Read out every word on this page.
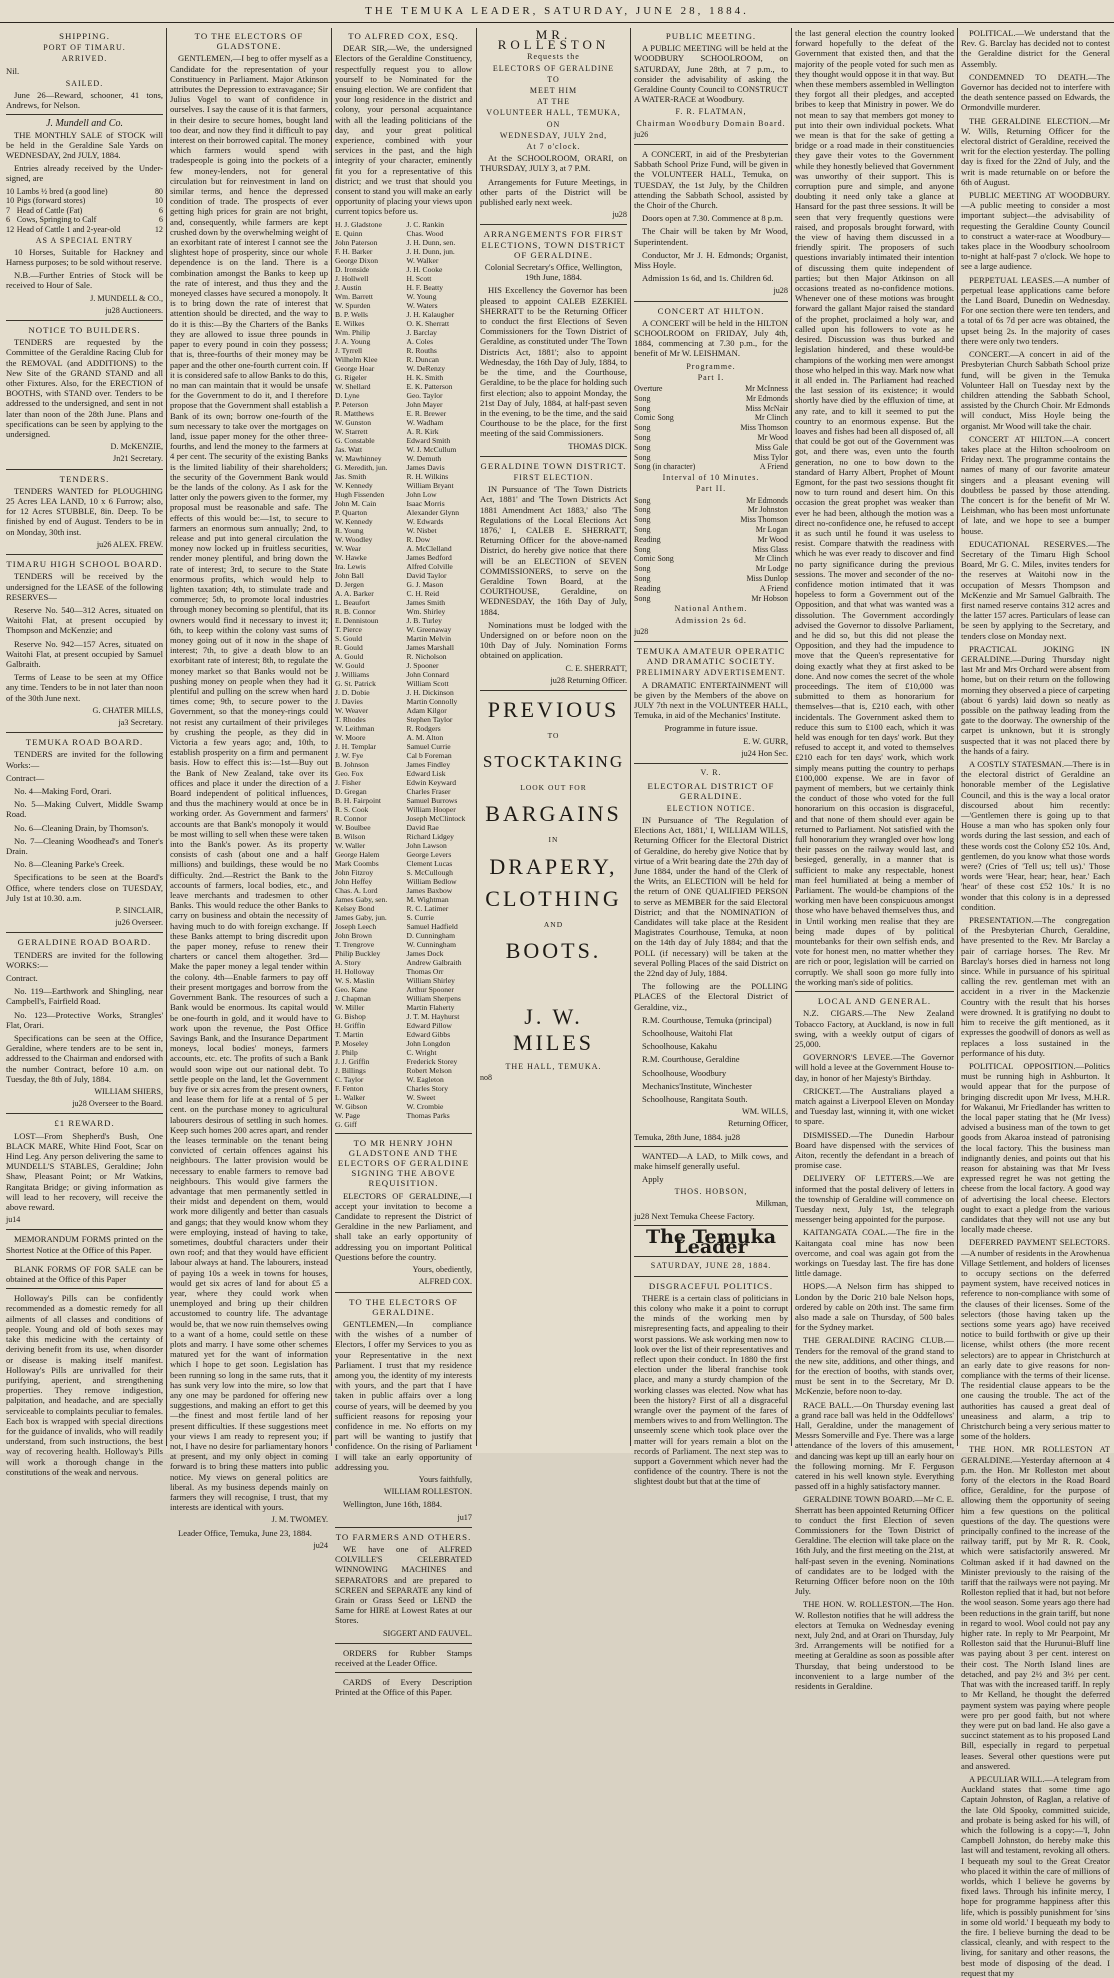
THE TEMUKA LEADER, SATURDAY, JUNE 28, 1884.
SHIPPING.
PORT OF TIMARU.
ARRIVED.

Nil.

SAILED.

June 26—Reward, schooner, 41 tons, Andrews, for Nelson.

J. Mundell and Co.

THE MONTHLY SALE of STOCK will be held in the Geraldine Sale Yards on WEDNESDAY, 2nd JULY, 1884.

Entries already received by the Under-signed, are

10	Lambs ½ bred (a good line)	80
10	Pigs (forward stores)	10
7	Head of Cattle (Fat)	6
6	Cows, Springing to Calf	6
12	Head of Cattle 1 and 2-year-old	12
AS A SPECIAL ENTRY

10 Horses, Suitable for Hackney and Harness purposes; to be sold without reserve.

N.B.—Further Entries of Stock will be received to Hour of Sale.

J. MUNDELL & CO.,
ju28 Auctioneers.
NOTICE TO BUILDERS.

TENDERS are requested by the Committee of the Geraldine Racing Club for the REMOVAL (and ADDITIONS) to the New Site of the GRAND STAND and all other Fixtures. Also, for the ERECTION of BOOTHS, with STAND over. Tenders to be addressed to the undersigned, and sent in not later than noon of the 28th June. Plans and specifications can be seen by applying to the undersigned.

D. McKENZIE,
Jn21 Secretary.
TENDERS.

TENDERS WANTED for PLOUGHING 25 Acres LEA LAND, 10 x 6 Furrow; also, for 12 Acres STUBBLE, 8in. Deep. To be finished by end of August. Tenders to be in on Monday, 30th inst.

ju26 ALEX. FREW.
TIMARU HIGH SCHOOL BOARD.

TENDERS will be received by the undersigned for the LEASE of the following RESERVES—

Reserve No. 540—312 Acres, situated on Waitohi Flat, at present occupied by Thompson and McKenzie; and

Reserve No. 942—157 Acres, situated on Waitohi Flat, at present occupied by Samuel Galbraith.

Terms of Lease to be seen at my Office any time. Tenders to be in not later than noon of the 30th June next.

G. CHATER MILLS,
ja3 Secretary.
TEMUKA ROAD BOARD.

TENDERS are invited for the following Works:—

Contract—

No. 4—Making Ford, Orari.

No. 5—Making Culvert, Middle Swamp Road.

No. 6—Cleaning Drain, by Thomson's.

No. 7—Cleaning Woodhead's and Toner's Drain.

No. 8—Cleaning Parke's Creek.

Specifications to be seen at the Board's Office, where tenders close on TUESDAY, July 1st at 10.30. a.m.

P. SINCLAIR,
ju26 Overseer.
GERALDINE ROAD BOARD.

TENDERS are invited for the following WORKS:—

Contract.

No. 119—Earthwork and Shingling, near Campbell's, Fairfield Road.

No. 123—Protective Works, Strangles' Flat, Orari.

Specifications can be seen at the Office, Geraldine, where tenders are to be sent in, addressed to the Chairman and endorsed with the number Contract, before 10 a.m. on Tuesday, the 8th of July, 1884.

WILLIAM SHIERS,
ju28 Overseer to the Board.
£1 REWARD.

LOST—From Shepherd's Bush, One BLACK MARE, White Hind Foot, Scar on Hind Leg. Any person delivering the same to MUNDELL'S STABLES, Geraldine; John Shaw, Pleasant Point; or Mr Watkins, Rangitata Bridge; or giving information as will lead to her recovery, will receive the above reward.

ju14

MEMORANDUM FORMS printed on the Shortest Notice at the Office of this Paper.

BLANK FORMS OF FOR SALE can be obtained at the Office of this Paper

Holloway's Pills can be confidently recommended as a domestic remedy for all ailments of all classes and conditions of people. Young and old of both sexes may take this medicine with the certainty of deriving benefit from its use, when disorder or disease is making itself manifest. Holloway's Pills are unrivalled for their purifying, aperient, and strengthening properties. They remove indigestion, palpitation, and headache, and are specially serviceable to complaints peculiar to females. Each box is wrapped with special directions for the guidance of invalids, who will readily understand, from such instructions, the best way of recovering health. Holloway's Pills will work a thorough change in the constitutions of the weak and nervous.

TO THE ELECTORS OF GLADSTONE.

GENTLEMEN,—I beg to offer myself as a Candidate for the representation of your Constituency in Parliament. Major Atkinson attributes the Depression to extravagance; Sir Julius Vogel to want of confidence in ourselves. I say the cause of it is that farmers, in their desire to secure homes, bought land too dear, and now they find it difficult to pay interest on their borrowed capital. The money which farmers would spend with tradespeople is going into the pockets of a few money-lenders, not for general circulation but for reinvestment in land on similar terms, and hence the depressed condition of trade. The prospects of ever getting high prices for grain are not bright, and, consequently, while farmers are kept crushed down by the overwhelming weight of an exorbitant rate of interest I cannot see the slightest hope of prosperity, since our whole dependence is on the land. There is a combination amongst the Banks to keep up the rate of interest, and thus they and the moneyed classes have secured a monopoly. It is to bring down the rate of interest that attention should be directed, and the way to do it is this:—By the Charters of the Banks they are allowed to issue three pounds in paper to every pound in coin they possess; that is, three-fourths of their money may be paper and the other one-fourth current coin. If it is considered safe to allow Banks to do this, no man can maintain that it would be unsafe for the Government to do it, and I therefore propose that the Government shall establish a Bank of its own; borrow one-fourth of the sum necessary to take over the mortgages on land, issue paper money for the other three-fourths, and lend the money to the farmers at 4 per cent. The security of the existing Banks is the limited liability of their shareholders; the security of the Government Bank would be the lands of the colony. As I ask for the latter only the powers given to the former, my proposal must be reasonable and safe. The effects of this would be:—1st, to secure to farmers an enormous sum annually; 2nd, to release and put into general circulation the money now locked up in fruitless securities, render money plentiful, and bring down the rate of interest; 3rd, to secure to the State enormous profits, which would help to lighten taxation; 4th, to stimulate trade and commerce; 5th, to promote local industries through money becoming so plentiful, that its owners would find it necessary to invest it; 6th, to keep within the colony vast sums of money going out of it now in the shape of interest; 7th, to give a death blow to an exorbitant rate of interest; 8th, to regulate the money market so that Banks would not be pushing money on people when they had it plentiful and pulling on the screw when hard times come; 9th, to secure power to the Government, so that the money-rings could not resist any curtailment of their privileges by crushing the people, as they did in Victoria a few years ago; and, 10th, to establish prosperity on a firm and permanent basis. How to effect this is:—1st—Buy out the Bank of New Zealand, take over its offices and place it under the direction of a Board independent of political influences, and thus the machinery would at once be in working order. As Government and farmers' accounts are that Bank's monopoly it would be most willing to sell when these were taken into the Bank's power. As its property consists of cash (about one and a half millions) and buildings, these would be no difficulty. 2nd.—Restrict the Bank to the accounts of farmers, local bodies, etc., and leave merchants and tradesmen to other Banks. This would reduce the other Banks to carry on business and obtain the necessity of having much to do with foreign exchange. If these Banks attempt to bring discredit upon the paper money, refuse to renew their charters or cancel them altogether. 3rd—Make the paper money a legal tender within the colony. 4th—Enable farmers to pay off their present mortgages and borrow from the Government Bank. The resources of such a Bank would be enormous. Its capital would be one-fourth in gold, and it would have to work upon the revenue, the Post Office Savings Bank, and the Insurance Department moneys, local bodies' moneys, farmers accounts, etc. etc. The profits of such a Bank would soon wipe out our national debt. To settle people on the land, let the Government buy five or six acres from the present owners, and lease them for life at a rental of 5 per cent. on the purchase money to agricultural labourers desirous of settling in such homes. Keep such homes 200 acres apart, and render the leases terminable on the tenant being convicted of certain offences against his neighbours. The latter provision would be necessary to enable farmers to remove bad neighbours. This would give farmers the advantage that men permanently settled in their midst and dependent on them, would work more diligently and better than casuals and gangs; that they would know whom they were employing, instead of having to take, sometimes, doubtful characters under their own roof; and that they would have efficient labour always at hand. The labourers, instead of paying 10s a week in towns for houses, would get six acres of land for about £5 a year, where they could work when unemployed and bring up their children accustomed to country life. The advantage would be, that we now ruin themselves owing to a want of a home, could settle on these plots and marry. I have some other schemes matured yet for the want of information which I hope to get soon. Legislation has been running so long in the same ruts, that it has sunk very low into the mire, so low that any one may be pardoned for offering new suggestions, and making an effort to get this—the finest and most fertile land of her present difficulties. If these suggestions meet your views I am ready to represent you; if not, I have no desire for parliamentary honors at present, and my only object in coming forward is to bring these matters into public notice. My views on general politics are liberal. As my business depends mainly on farmers they will recognise, I trust, that my interests are identical with yours.

J. M. TWOMEY.

Leader Office, Temuka, June 23, 1884.

ju24
TO ALFRED COX, ESQ.

DEAR SIR,—We, the undersigned Electors of the Geraldine Constituency, respectfully request you to allow yourself to be Nominated for the ensuing election. We are confident that your long residence in the district and colony, your personal acquaintance with all the leading politicians of the day, and your great political experience, combined with your services in the past, and the high integrity of your character, eminently fit you for a representative of this district; and we trust that should you consent to stand you will make an early opportunity of placing your views upon current topics before us.

H. J. Gladstone
E. Quinn
John Paterson
F. H. Barker
George Dixon
D. Ironside
J. Hollwell
J. Austin
Wm. Barrett
W. Spurden
B. P. Wells
E. Wilkes
Wm. Philip
J. A. Young
J. Tyrrell
Wilhelm Klee
George Hoar
G. Rigeler
W. Shellard
D. Lyne
P. Peterson
R. Matthews
W. Gunston
W. Starrett
G. Constable
Jas. Watt
W. Mawhinney
G. Meredith, jun.
Jas. Smith
W. Kennedy
Hugh Fissenden
John M. Cain
P. Quarton
W. Kennedy
R. Young
W. Woodley
W. Wear
W. Hawke
Ira. Lewis
John Ball
D. Jergen
A. A. Barker
L. Beaufort
R. B. Connor
E. Dennistoun
T. Pierce
S. Gould
R. Gould
A. Gould
W. Gould
J. Williams
G. St. Patrick
J. D. Dobie
J. Davies
W. Weaver
T. Rhodes
W. Leithman
W. Moore
J. H. Templar
J. W. Fye
B. Johnson
Geo. Fox
J. Fisher
D. Gregan
B. H. Fairpoint
R. S. Cook
R. Connor
W. Boulbee
B. Wilson
W. Waller
George Halem
Mark Coombs
John Fitzroy
John Heffey
Chas. A. Lord
James Gaby, sen.
Kelsey Bond
James Gaby, jun.
Joseph Leech
John Brown
T. Trengrove
Philip Buckley
A. Story
H. Holloway
W. S. Maslin
Geo. Kane
J. Chapman
W. Miller
G. Bishop
H. Griffin
T. Martin
P. Moseley
J. Philp
J. J. Griffin
J. Billings
C. Taylor
F. Fenton
L. Walker
W. Gibson
W. Page
G. Giff
J. C. Rankin
Chas. Wood
J. H. Dunn, sen.
J. H. Dunn, jun.
W. Walker
J. H. Cooke
H. Scott
H. F. Beatty
W. Young
W. Waters
J. H. Kalaugher
O. K. Sherratt
J. Barclay
A. Coles
R. Rouths
R. Duncan
W. DeRenzy
H. K. Smith
E. K. Patterson
Geo. Taylor
John Mayer
E. R. Brewer
W. Wadham
A. R. Kirk
Edward Smith
W. J. McCullum
W. Demuth
James Davis
R. H. Wilkins
William Bryant
John Low
Isaac Morris
Alexander Glynn
W. Edwards
W. Nisbet
R. Dow
A. McClelland
James Bedford
Alfred Colville
David Taylor
G. J. Mason
C. H. Reid
James Smith
Wm. Shirley
J. B. Turley
W. Greenaway
Martin Melvin
James Marshall
R. Nicholson
J. Spooner
John Connard
William Scott
J. H. Dickinson
Martin Connolly
Adam Kilgor
Stephen Taylor
R. Rodgers
A. M. Alton
Samuel Currie
Cal b Foreman
James Findley
Edward Lisk
Edwin Keyward
Charles Fraser
Samuel Burrows
William Hooper
Joseph McClintock
David Rae
Richard Lidgey
John Lawson
George Levers
Clement Lucas
S. McCullough
William Bedlow
James Baxbow
M. Wightman
R. C. Latimer
S. Currie
Samuel Hadfield
D. Cunningham
W. Cunningham
James Dock
Andrew Galbraith
Thomas Orr
William Shirley
Arthur Spooner
William Sherpens
Martin Flaherty
J. T. M. Hayhurst
Edward Pillow
Edward Gibbs
John Longdon
C. Wright
Frederick Storey
Robert Melson
W. Eagleton
Charles Story
W. Sweet
W. Crombie
Thomas Parks
TO MR HENRY JOHN GLADSTONE AND THE ELECTORS OF GERALDINE SIGNING THE ABOVE REQUISITION.

ELECTORS OF GERALDINE,—I accept your invitation to become a Candidate to represent the District of Geraldine in the new Parliament, and shall take an early opportunity of addressing you on important Political Questions before the country.

Yours, obediently,
ALFRED COX.
TO THE ELECTORS OF GERALDINE.

GENTLEMEN,—In compliance with the wishes of a number of Electors, I offer my Services to you as your Representative in the next Parliament. I trust that my residence among you, the identity of my interests with yours, and the part that I have taken in public affairs over a long course of years, will be deemed by you sufficient reasons for reposing your confidence in me. No efforts on my part will be wanting to justify that confidence. On the rising of Parliament I will take an early opportunity of addressing you.

Yours faithfully,
WILLIAM ROLLESTON.

Wellington, June 16th, 1884.

ju17
TO FARMERS AND OTHERS.

WE have one of ALFRED COLVILLE'S CELEBRATED WINNOWING MACHINES and SEPARATORS and are prepared to SCREEN and SEPARATE any kind of Grain or Grass Seed or LEND the Same for HIRE at Lowest Rates at our Stores.

SIGGERT AND FAUVEL.

ORDERS for Rubber Stamps received at the Leader Office.

CARDS of Every Description Printed at the Office of this Paper.

MR. ROLLESTON
Requests the
ELECTORS OF GERALDINE
TO
MEET HIM
AT THE
VOLUNTEER HALL, TEMUKA,
ON
WEDNESDAY, JULY 2nd,
At 7 o'clock.

At the SCHOOLROOM, ORARI, on THURSDAY, JULY 3, at 7 P.M.

Arrangements for Future Meetings, in other parts of the District will be published early next week.

ju28
ARRANGEMENTS FOR FIRST ELECTIONS, TOWN DISTRICT OF GERALDINE.

Colonial Secretary's Office, Wellington, 19th June, 1884.

HIS Excellency the Governor has been pleased to appoint CALEB EZEKIEL SHERRATT to be the Returning Officer to conduct the first Elections of Seven Commissioners for the Town District of Geraldine, as constituted under 'The Town Districts Act, 1881'; also to appoint Wednesday, the 16th Day of July, 1884, to be the time, and the Courthouse, Geraldine, to be the place for holding such first election; also to appoint Monday, the 21st Day of July, 1884, at half-past seven in the evening, to be the time, and the said Courthouse to be the place, for the first meeting of the said Commissioners.

THOMAS DICK.
GERALDINE TOWN DISTRICT.
FIRST ELECTION.

IN Pursuance of 'The Town Districts Act, 1881' and 'The Town Districts Act 1881 Amendment Act 1883,' also 'The Regulations of the Local Elections Act 1876,' I, CALEB E. SHERRATT, Returning Officer for the above-named District, do hereby give notice that there will be an ELECTION of SEVEN COMMISSIONERS, to serve on the Geraldine Town Board, at the COURTHOUSE, Geraldine, on WEDNESDAY, the 16th Day of July, 1884.

Nominations must be lodged with the Undersigned on or before noon on the 10th Day of July. Nomination Forms obtained on application.

C. E. SHERRATT,
ju28 Returning Officer.
PREVIOUS
TO
STOCKTAKING
LOOK OUT FOR
BARGAINS
IN
DRAPERY,
CLOTHING
AND
BOOTS.
J. W. MILES
THE HALL, TEMUKA.
no8
PUBLIC MEETING.

A PUBLIC MEETING will be held at the WOODBURY SCHOOLROOM, on SATURDAY, June 28th, at 7 p.m., to consider the advisability of asking the Geraldine County Council to CONSTRUCT A WATER-RACE at Woodbury.

F. R. FLATMAN,
Chairman Woodbury Domain Board.
ju26

A CONCERT, in aid of the Presbyterian Sabbath School Prize Fund, will be given in the VOLUNTEER HALL, Temuka, on TUESDAY, the 1st July, by the Children attending the Sabbath School, assisted by the Choir of the Church.

Doors open at 7.30. Commence at 8 p.m.

The Chair will be taken by Mr Wood, Superintendent.

Conductor, Mr J. H. Edmonds; Organist, Miss Hoyle.

Admission 1s 6d, and 1s. Children 6d.

ju28
CONCERT AT HILTON.

A CONCERT will be held in the HILTON SCHOOLROOM on FRIDAY, July 4th, 1884, commencing at 7.30 p.m., for the benefit of Mr W. LEISHMAN.

Programme.
Part I.
Overture	Mr McInness
Song	Mr Edmonds
Song	Miss McNair
Comic Song	Mr Clinch
Song	Miss Thomson
Song	Mr Wood
Song	Miss Gale
Song	Miss Tylor
Song (in character)	A Friend
Interval of 10 Minutes.
Part II.
Song	Mr Edmonds
Song	Mr Johnston
Song	Miss Thomson
Song	Mr Logan
Reading	Mr Wood
Song	Miss Glass
Comic Song	Mr Clinch
Song	Mr Lodge
Song	Miss Dunlop
Reading	A Friend
Song	Mr Hobson
National Anthem.
Admission 2s 6d.
ju28
TEMUKA AMATEUR OPERATIC AND DRAMATIC SOCIETY.
PRELIMINARY ADVERTISEMENT.

A DRAMATIC ENTERTAINMENT will be given by the Members of the above on JULY 7th next in the VOLUNTEER HALL, Temuka, in aid of the Mechanics' Institute.

Programme in future issue.

E. W. GURR,
ju24 Hon Sec.
V. R.
ELECTORAL DISTRICT OF GERALDINE.
ELECTION NOTICE.

IN Pursuance of 'The Regulation of Elections Act, 1881,' I, WILLIAM WILLS, Returning Officer for the Electoral District of Geraldine, do hereby give Notice that by virtue of a Writ bearing date the 27th day of June 1884, under the hand of the Clerk of the Writs, an ELECTION will be held for the return of ONE QUALIFIED PERSON to serve as MEMBER for the said Electoral District; and that the NOMINATION of Candidates will take place at the Resident Magistrates Courthouse, Temuka, at noon on the 14th day of July 1884; and that the POLL (if necessary) will be taken at the several Polling Places of the said District on the 22nd day of July, 1884.

The following are the POLLING PLACES of the Electoral District of Geraldine, viz.,

R.M. Courthouse, Temuka (principal)

Schoolhouse, Waitohi Flat

Schoolhouse, Kakahu

R.M. Courthouse, Geraldine

Schoolhouse, Woodbury

Mechanics'Institute, Winchester

Schoolhouse, Rangitata South.

WM. WILLS,
Returning Officer,

Temuka, 28th June, 1884. ju28

WANTED—A LAD, to Milk cows, and make himself generally useful.

Apply

THOS. HOBSON,
Milkman,

ju28 Next Temuka Cheese Factory.

The Temuka Leader
SATURDAY, JUNE 28, 1884.
DISGRACEFUL POLITICS.

THERE is a certain class of politicians in this colony who make it a point to corrupt the minds of the working men by misrepresenting facts, and appealing to their worst passions. We ask working men now to look over the list of their representatives and reflect upon their conduct. In 1880 the first election under the liberal franchise took place, and many a sturdy champion of the working classes was elected. Now what has been the history? First of all a disgraceful wrangle over the payment of the fares of members wives to and from Wellington. The unseemly scene which took place over the matter will for years remain a blot on the records of Parliament. The next step was to support a Government which never had the confidence of the country. There is not the slightest doubt but that at the time of

the last general election the country looked forward hopefully to the defeat of the Government that existed then, and that the majority of the people voted for such men as they thought would oppose it in that way. But when these members assembled in Wellington they forgot all their pledges, and accepted bribes to keep that Ministry in power. We do not mean to say that members got money to put into their own individual pockets. What we mean is that for the sake of getting a bridge or a road made in their constituencies they gave their votes to the Government while they honestly believed that Government was unworthy of their support. This is corruption pure and simple, and anyone doubting it need only take a glance at Hansard for the past three sessions. It will be seen that very frequently questions were raised, and proposals brought forward, with the view of having them discussed in a friendly spirit. The proposers of such questions invariably intimated their intention of discussing them quite independent of parties; but then Major Atkinson on all occasions treated as no-confidence motions. Whenever one of these motions was brought forward the gallant Major raised the standard of the prophet, proclaimed a holy war, and called upon his followers to vote as he desired. Discussion was thus burked and legislation hindered, and these would-be champions of the working men were amongst those who helped in this way. Mark now what it all ended in. The Parliament had reached the last session of its existence; it would shortly have died by the effluxion of time, at any rate, and to kill it seemed to put the country to an enormous expense. But the loaves and fishes had been all disposed of, all that could be got out of the Government was got, and there was, even unto the fourth generation, no one to bow down to the standard of Harry Albert, Prophet of Mount Egmont, for the past two sessions thought fit now to turn round and desert him. On this occasion the great prophet was weaker than ever he had been, although the motion was a direct no-confidence one, he refused to accept it as such until he found it was useless to resist. Compare thatwith the readiness with which he was ever ready to discover and find no party significance during the previous sessions. The mover and seconder of the no-confidence motion intimated that it was hopeless to form a Government out of the Opposition, and that what was wanted was a dissolution. The Government accordingly advised the Governor to dissolve Parliament, and he did so, but this did not please the Opposition, and they had the impudence to move that the Queen's representative for doing exactly what they at first asked to be done. And now comes the secret of the whole proceedings. The item of £10,000 was submitted to them as honorarium for themselves—that is, £210 each, with other incidentals. The Government asked them to reduce this sum to £100 each, which it was held was enough for ten days' work. But they refused to accept it, and voted to themselves £210 each for ten days' work, which work simply means putting the country to perhaps £100,000 expense. We are in favor of payment of members, but we certainly think the conduct of those who voted for the full honorarium on this occasion is disgraceful, and that none of them should ever again be returned to Parliament. Not satisfied with the full honorarium they wrangled over how long their passes on the railway would last, and besieged, generally, in a manner that is sufficient to make any respectable, honest man feel humiliated at being a member of Parliament. The would-be champions of the working men have been conspicuous amongst those who have behaved themselves thus, and in Until working men realise that they are being made dupes of by political mountebanks for their own selfish ends, and vote for honest men, no matter whether they are rich or poor, legislation will be carried on corruptly. We shall soon go more fully into the working man's side of politics.

LOCAL AND GENERAL.

N.Z. CIGARS.—The New Zealand Tobacco Factory, at Auckland, is now in full swing, with a weekly output of cigars of 25,000.

GOVERNOR'S LEVEE.—The Governor will hold a levee at the Government House to-day, in honor of her Majesty's Birthday.

CRICKET.—The Australians played a match against a Liverpool Eleven on Monday and Tuesday last, winning it, with one wicket to spare.

DISMISSED.—The Dunedin Harbour Board have dispensed with the services of Aiton, recently the defendant in a breach of promise case.

DELIVERY OF LETTERS.—We are informed that the postal delivery of letters in the township of Geraldine will commence on Tuesday next, July 1st, the telegraph messenger being appointed for the purpose.

KAITANGATA COAL.—The fire in the Kaitangata coal mine has now been overcome, and coal was again got from the workings on Tuesday last. The fire has done little damage.

HOPS.—A Nelson firm has shipped to London by the Doric 210 bale Nelson hops, ordered by cable on 20th inst. The same firm also made a sale on Thursday, of 500 bales for the Sydney market.

THE GERALDINE RACING CLUB.—Tenders for the removal of the grand stand to the new site, additions, and other things, and for the erection of booths, with stands over, must be sent in to the Secretary, Mr D. McKenzie, before noon to-day.

RACE BALL.—On Thursday evening last a grand race ball was held in the Oddfellows' Hall, Geraldine, under the management of Messrs Somerville and Fye. There was a large attendance of the lovers of this amusement, and dancing was kept up till an early hour on the following morning. Mr F. Ferguson catered in his well known style. Everything passed off in a highly satisfactory manner.

GERALDINE TOWN BOARD.—Mr C. E. Sherratt has been appointed Returning Officer to conduct the first Election of seven Commissioners for the Town District of Geraldine. The election will take place on the 16th July, and the first meeting on the 21st, at half-past seven in the evening. Nominations of candidates are to be lodged with the Returning Officer before noon on the 10th July.

THE HON. W. ROLLESTON.—The Hon. W. Rolleston notifies that he will address the electors at Temuka on Wednesday evening next, July 2nd, and at Orari on Thursday, July 3rd. Arrangements will be notified for a meeting at Geraldine as soon as possible after Thursday, that being understood to be inconvenient to a large number of the residents in Geraldine.

POLITICAL.—We understand that the Rev. G. Barclay has decided not to contest the Geraldine district for the General Assembly.

CONDEMNED TO DEATH.—The Governor has decided not to interfere with the death sentence passed on Edwards, the Ormondville murderer.

THE GERALDINE ELECTION.—Mr W. Wills, Returning Officer for the electoral district of Geraldine, received the writ for the election yesterday. The polling day is fixed for the 22nd of July, and the writ is made returnable on or before the 6th of August.

PUBLIC MEETING AT WOODBURY.—A public meeting to consider a most important subject—the advisability of requesting the Geraldine County Council to construct a water-race at Woodbury—takes place in the Woodbury schoolroom to-night at half-past 7 o'clock. We hope to see a large audience.

PERPETUAL LEASES.—A number of perpetual lease applications came before the Land Board, Dunedin on Wednesday. For one section there were ten tenders, and a total of 6s 7d per acre was obtained, the upset being 2s. In the majority of cases there were only two tenders.

CONCERT.—A concert in aid of the Presbyterian Church Sabbath School prize fund, will be given in the Temuka Volunteer Hall on Tuesday next by the children attending the Sabbath School, assisted by the Church Choir. Mr Edmonds will conduct, Miss Hoyle being the organist. Mr Wood will take the chair.

CONCERT AT HILTON.—A concert takes place at the Hilton schoolroom on Friday next. The programme contains the names of many of our favorite amateur singers and a pleasant evening will doubtless be passed by those attending. The concert is for the benefit of Mr W. Leishman, who has been most unfortunate of late, and we hope to see a bumper house.

EDUCATIONAL RESERVES.—The Secretary of the Timaru High School Board, Mr G. C. Miles, invites tenders for the reserves at Waitohi now in the occupation of Messrs Thompson and McKenzie and Mr Samuel Galbraith. The first named reserve contains 312 acres and the latter 157 acres. Particulars of lease can be seen by applying to the Secretary, and tenders close on Monday next.

PRACTICAL JOKING IN GERALDINE.—During Thursday night last Mr and Mrs Orchard were absent from home, but on their return on the following morning they observed a piece of carpeting (about 6 yards) laid down so neatly as possible on the pathway leading from the gate to the doorway. The ownership of the carpet is unknown, but it is strongly suspected that it was not placed there by the hands of a fairy.

A COSTLY STATESMAN.—There is in the electoral district of Geraldine an honorable member of the Legislative Council, and this is the way a local orator discoursed about him recently:—'Gentlemen there is going up to that House a man who has spoken only four words during the last session, and each of these words cost the Colony £52 10s. And, gentlemen, do you know what those words were? (Cries of 'Tell us; tell us).' Those words were 'Hear, hear; hear, hear.' Each 'hear' of these cost £52 10s.' It is no wonder that this colony is in a depressed condition.

PRESENTATION.—The congregation of the Presbyterian Church, Geraldine, have presented to the Rev. Mr Barclay a pair of carriage horses. The Rev. Mr Barclay's horses died in harness not long since. While in pursuance of his spiritual calling the rev. gentleman met with an accident in a river in the Mackenzie Country with the result that his horses were drowned. It is gratifying no doubt to him to receive the gift mentioned, as it expresses the goodwill of donors as well as replaces a loss sustained in the performance of his duty.

POLITICAL OPPOSITION.—Politics must be running high in Ashburton. It would appear that for the purpose of bringing discredit upon Mr Ivess, M.H.R. for Wakanui, Mr Friedlander has written to the local paper stating that he (Mr Ivess) advised a business man of the town to get goods from Akaroa instead of patronising the local factory. This the business man indignantly denies, and points out that his reason for abstaining was that Mr Ivess expressed regret he was not getting the cheese from the local factory. A good way of advertising the local cheese. Electors ought to exact a pledge from the various candidates that they will not use any but locally made cheese.

DEFERRED PAYMENT SELECTORS.—A number of residents in the Arowhenua Village Settlement, and holders of licenses to occupy sections on the deferred payment system, have received notices in reference to non-compliance with some of the clauses of their licenses. Some of the selectors (those having taken up the sections some years ago) have received notice to build forthwith or give up their license, whilst others (the more recent selectors) are to appear in Christchurch at an early date to give reasons for non-compliance with the terms of their license. The residential clause appears to be the one causing the trouble. The act of the authorities has caused a great deal of uneasiness and alarm, a trip to Christchurch being a very serious matter to some of the holders.

THE HON. MR ROLLESTON AT GERALDINE.—Yesterday afternoon at 4 p.m. the Hon. Mr Rolleston met about forty of the electors in the Road Board office, Geraldine, for the purpose of allowing them the opportunity of seeing him a few questions on the political questions of the day. The questions were principally confined to the increase of the railway tariff, put by Mr R. R. Cook, which were satisfactorily answered. Mr Coltman asked if it had dawned on the Minister previously to the raising of the tariff that the railways were not paying. Mr Rolleston replied that it had, but not before the wool season. Some years ago there had been reductions in the grain tariff, but none in regard to wool. Wool could not pay any higher rate. In reply to Mr Pearpoint, Mr Rolleston said that the Hurunui-Bluff line was paying about 3 per cent. interest on their cost. The North Island lines are detached, and pay 2½ and 3½ per cent. That was with the increased tariff. In reply to Mr Kelland, he thought the deferred payment system was paying where people were pro per good faith, but not where they were put on bad land. He also gave a succinct statement as to his proposed Land Bill, especially in regard to perpetual leases. Several other questions were put and answered.

A PECULIAR WILL.—A telegram from Auckland states that some time ago Captain Johnston, of Raglan, a relative of the late Old Spooky, committed suicide, and probate is being asked for his will, of which the following is a copy:—'I, John Campbell Johnston, do hereby make this last will and testament, revoking all others. I bequeath my soul to the Great Creator who placed it within the care of millions of worlds, which I believe he governs by fixed laws. Through his infinite mercy, I hope for programme happiness after this life, which is possibly punishment for 'sins in some old world.' I bequeath my body to the fire. I believe burning the dead to be classical, cleanly, and with respect to the living, for sanitary and other reasons, the best mode of disposing of the dead. I request that my
